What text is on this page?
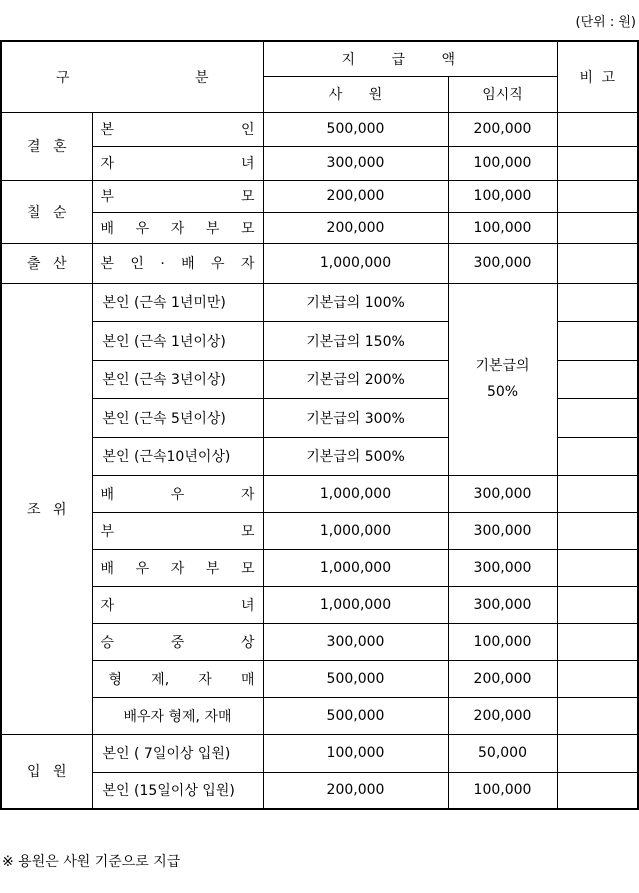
(단위 : 원)
구 분		지 급 액		비 고
		사 원	임시직	
결 혼	본 인	500,000	200,000	
	자 녀	300,000	100,000	
칠 순	부 모	200,000	100,000	
	배 우 자 부 모	200,000	100,000	
출 산	본 인 · 배 우 자	1,000,000	300,000	
조 위	본인 (근속 1년미만)	기본급의 100%	기본급의
50%	

	본인 (근속 1년이상)	기본급의 150%		
	본인 (근속 3년이상)	기본급의 200%		
	본인 (근속 5년이상)	기본급의 300%		
	본인 (근속10년이상)	기본급의 500%		
	배 우 자	1,000,000	300,000	
	부 모	1,000,000	300,000	
	배 우 자 부 모	1,000,000	300,000	
	자 녀	1,000,000	300,000	
	승 중 상	300,000	100,000	
	형 제, 자 매	500,000	200,000	
	배우자 형제, 자매	500,000	200,000	
입 원	본인 ( 7일이상 입원)	100,000	50,000	
	본인 (15일이상 입원)	200,000	100,000	
※ 용원은 사원 기준으로 지급
